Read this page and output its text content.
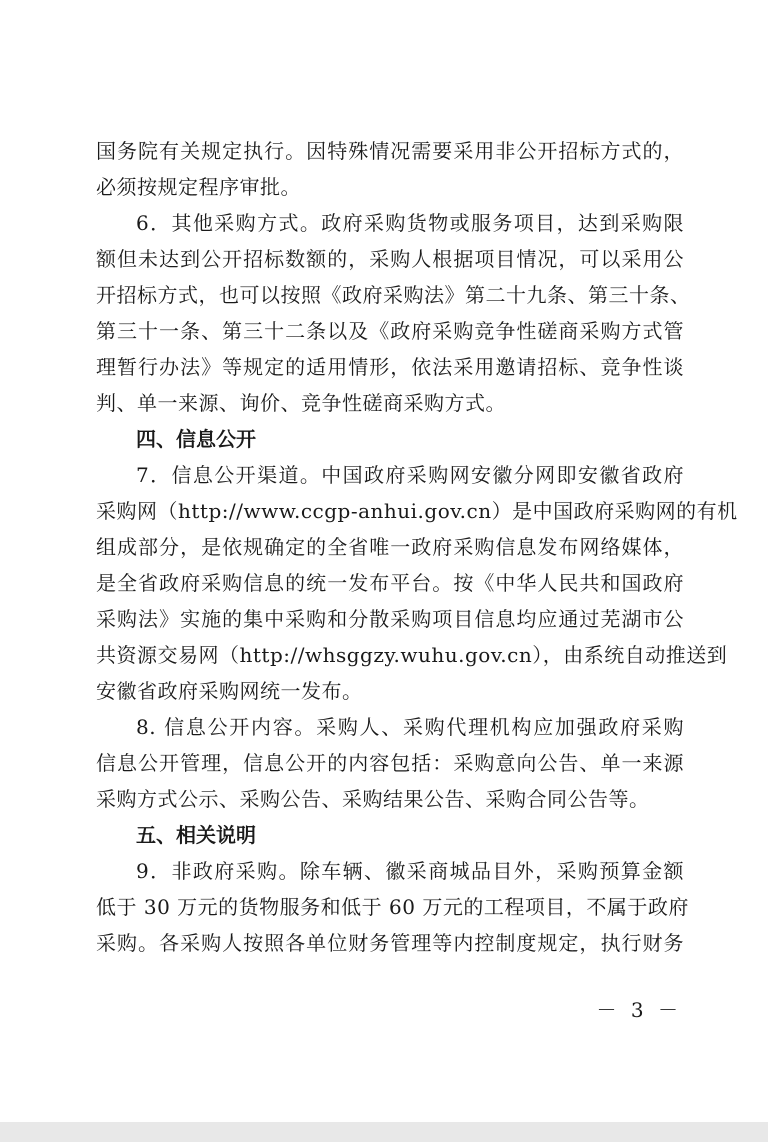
国务院有关规定执行。因特殊情况需要采用非公开招标方式的，
必须按规定程序审批。
6．其他采购方式。政府采购货物或服务项目，达到采购限
额但未达到公开招标数额的，采购人根据项目情况，可以采用公
开招标方式，也可以按照《政府采购法》第二十九条、第三十条、
第三十一条、第三十二条以及《政府采购竞争性磋商采购方式管
理暂行办法》等规定的适用情形，依法采用邀请招标、竞争性谈
判、单一来源、询价、竞争性磋商采购方式。
四、信息公开
7．信息公开渠道。中国政府采购网安徽分网即安徽省政府
采购网（http://www.ccgp-anhui.gov.cn）是中国政府采购网的有机
组成部分，是依规确定的全省唯一政府采购信息发布网络媒体，
是全省政府采购信息的统一发布平台。按《中华人民共和国政府
采购法》实施的集中采购和分散采购项目信息均应通过芜湖市公
共资源交易网（http://whsggzy.wuhu.gov.cn），由系统自动推送到
安徽省政府采购网统一发布。
8. 信息公开内容。采购人、采购代理机构应加强政府采购
信息公开管理，信息公开的内容包括：采购意向公告、单一来源
采购方式公示、采购公告、采购结果公告、采购合同公告等。
五、相关说明
9．非政府采购。除车辆、徽采商城品目外，采购预算金额
低于 30 万元的货物服务和低于 60 万元的工程项目，不属于政府
采购。各采购人按照各单位财务管理等内控制度规定，执行财务
－ 3 －
